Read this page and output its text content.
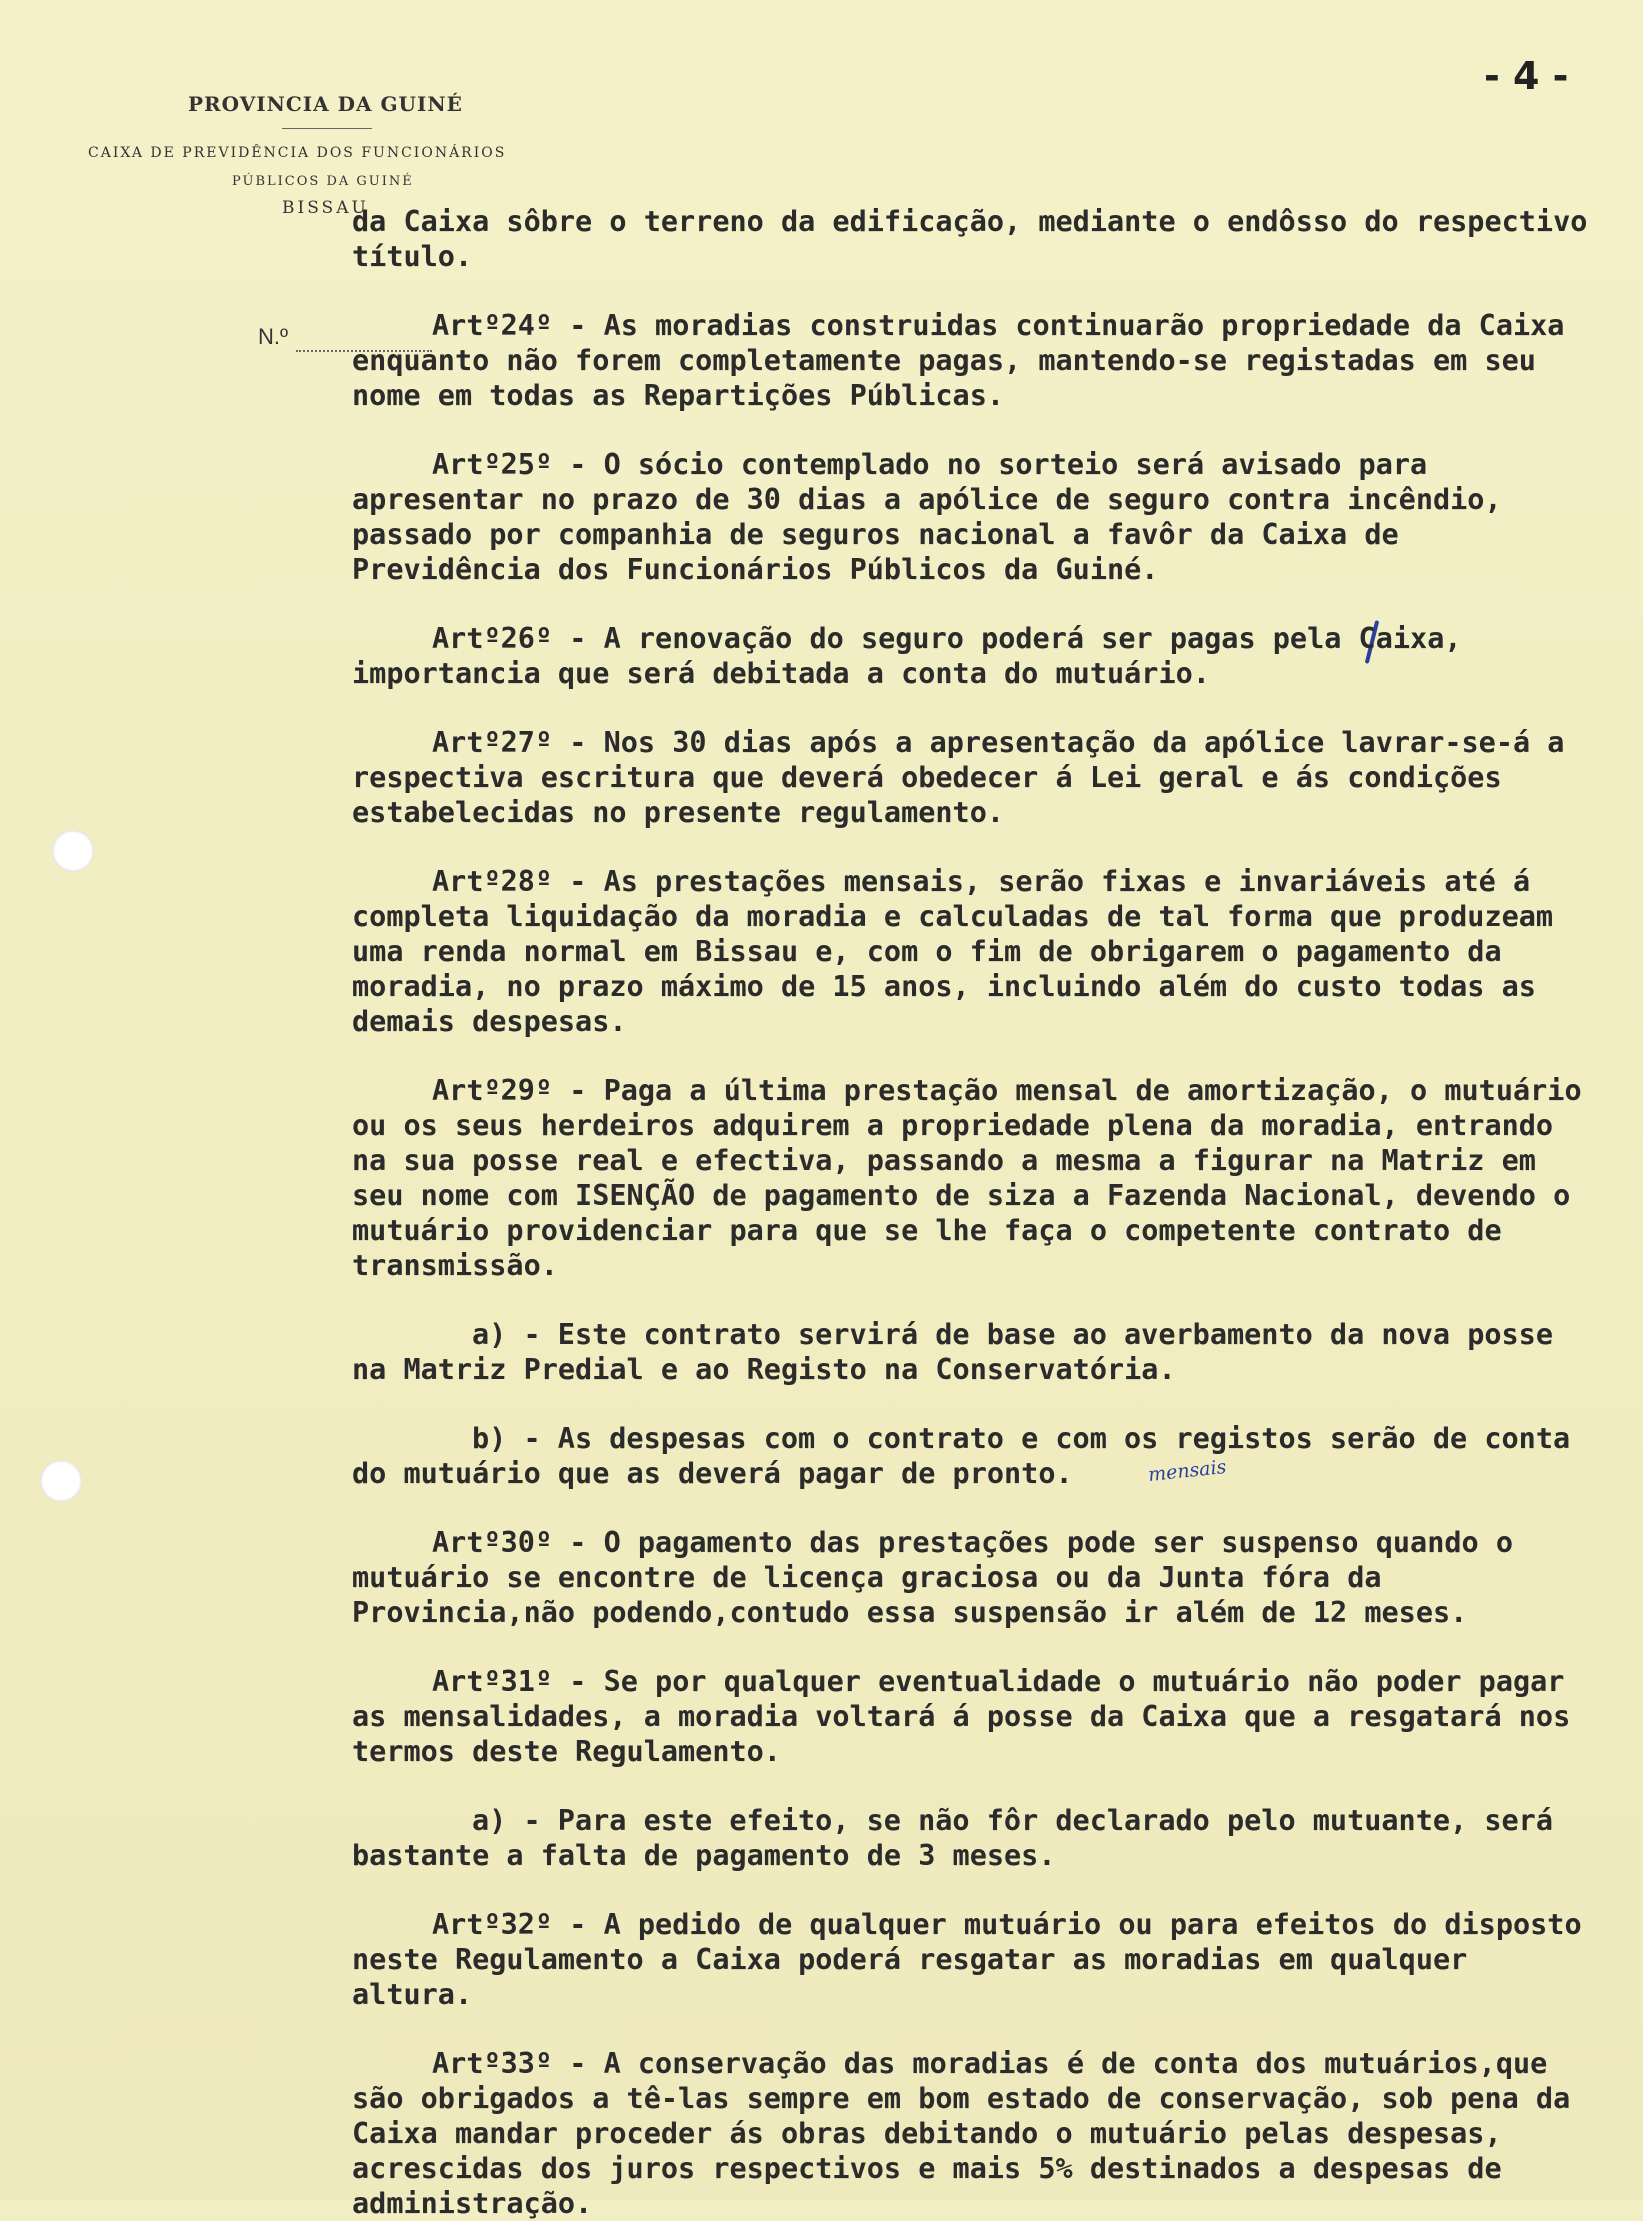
- 4 -
PROVINCIA DA GUINÉ
CAIXA DE PREVIDÊNCIA DOS FUNCIONÁRIOS
PÚBLICOS DA GUINÉ
BISSAU
N.º
mensais

da Caixa sôbre o terreno da edificação, mediante o endôsso do respectivo título.

Artº24º - As moradias construidas continuarão propriedade da Caixa enquanto não forem completamente pagas, mantendo-se registadas em seu nome em todas as Repartições Públicas.

Artº25º - O sócio contemplado no sorteio será avisado para apresentar no prazo de 30 dias a apólice de seguro contra incêndio, passado por companhia de seguros nacional a favôr da Caixa de Previdência dos Funcionários Públicos da Guiné.

Artº26º - A renovação do seguro poderá ser pagas pela Caixa, importancia que será debitada a conta do mutuário.

Artº27º - Nos 30 dias após a apresentação da apólice lavrar-se-á a respectiva escritura que deverá obedecer á Lei geral e ás condições estabelecidas no presente regulamento.

Artº28º - As prestações mensais, serão fixas e invariáveis até á completa liquidação da moradia e calculadas de tal forma que produzeam uma renda normal em Bissau e, com o fim de obrigarem o pagamento da moradia, no prazo máximo de 15 anos, incluindo além do custo todas as demais despesas.

Artº29º - Paga a última prestação mensal de amortização, o mutuário ou os seus herdeiros adquirem a propriedade plena da moradia, entrando na sua posse real e efectiva, passando a mesma a figurar na Matriz em seu nome com ISENÇÃO de pagamento de siza a Fazenda Nacional, devendo o mutuário providenciar para que se lhe faça o competente contrato de transmissão.

a) - Este contrato servirá de base ao averbamento da nova posse na Matriz Predial e ao Registo na Conservatória.

b) - As despesas com o contrato e com os registos serão de conta do mutuário que as deverá pagar de pronto.

Artº30º - O pagamento das prestações pode ser suspenso quando o mutuário se encontre de licença graciosa ou da Junta fóra da Provincia,não podendo,contudo essa suspensão ir além de 12 meses.

Artº31º - Se por qualquer eventualidade o mutuário não poder pagar as mensalidades, a moradia voltará á posse da Caixa que a resgatará nos termos deste Regulamento.

a) - Para este efeito, se não fôr declarado pelo mutuante, será bastante a falta de pagamento de 3 meses.

Artº32º - A pedido de qualquer mutuário ou para efeitos do disposto neste Regulamento a Caixa poderá resgatar as moradias em qualquer altura.

Artº33º - A conservação das moradias é de conta dos mutuários,que são obrigados a tê-las sempre em bom estado de conservação, sob pena da Caixa mandar proceder ás obras debitando o mutuário pelas despesas, acrescidas dos juros respectivos e mais 5% destinados a despesas de administração.
